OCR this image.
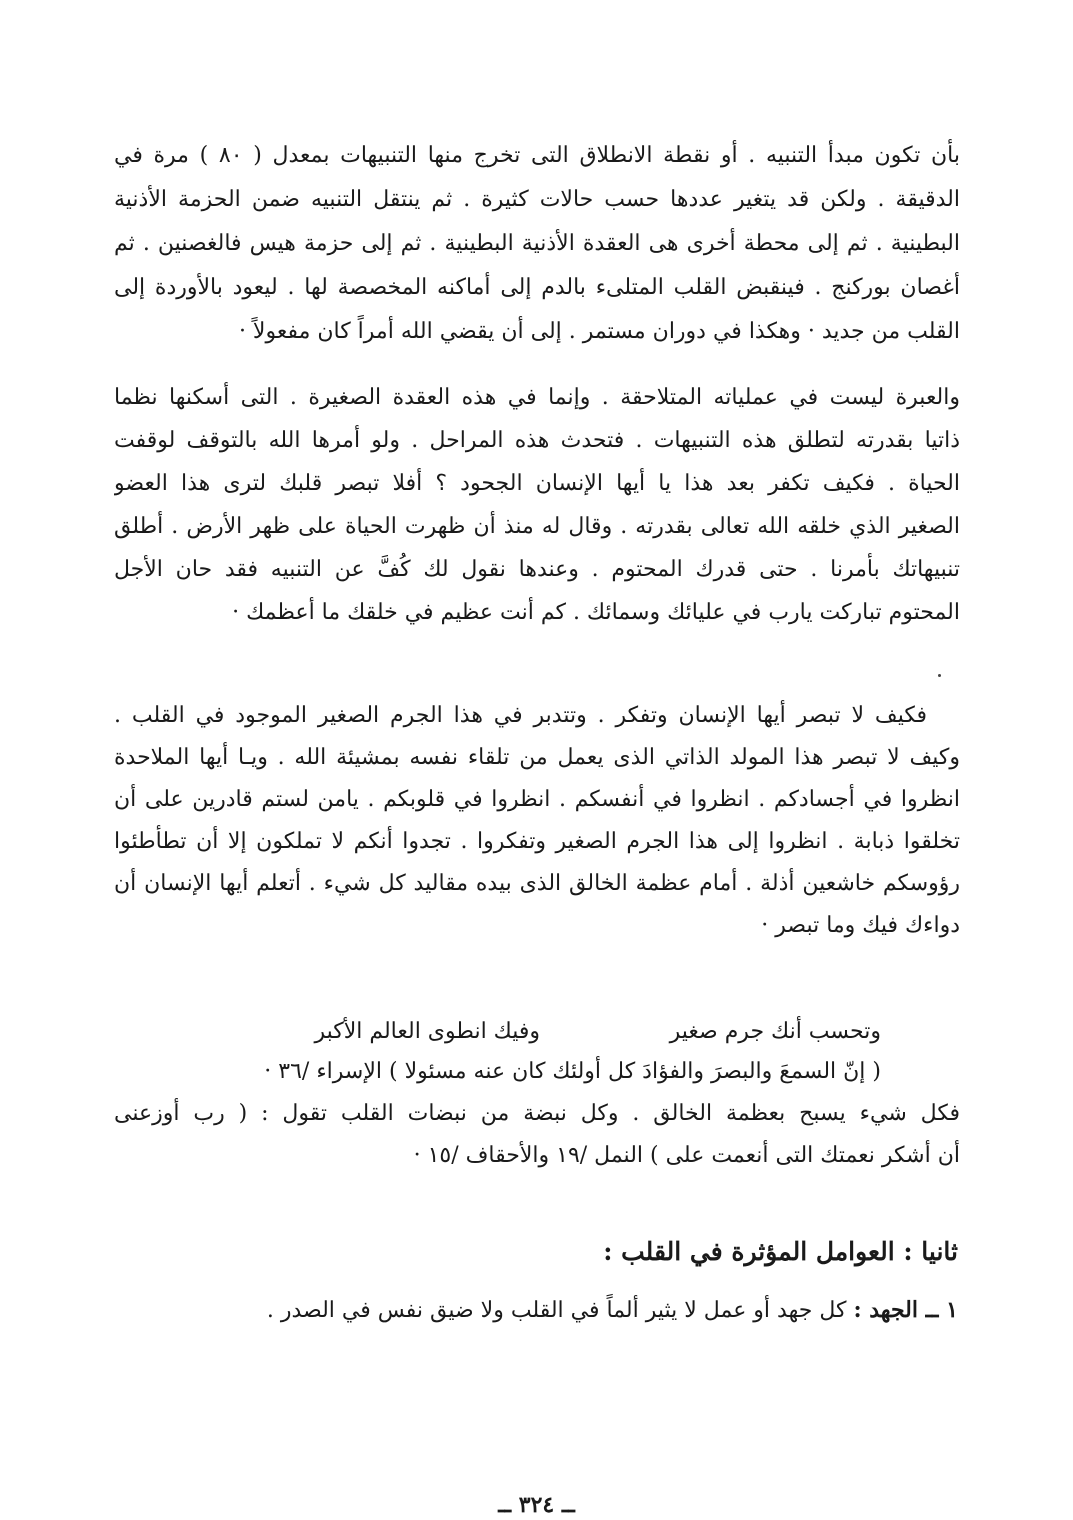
بأن تكون مبدأ التنبيه . أو نقطة الانطلاق التى تخرج منها التنبيهات بمعدل ( ٨٠ ) مرة في
الدقيقة . ولكن قد يتغير عددها حسب حالات كثيرة . ثم ينتقل التنبيه ضمن الحزمة الأذنية
البطينية . ثم إلى محطة أخرى هى العقدة الأذنية البطينية . ثم إلى حزمة هيس فالغصنين . ثم
أغصان بوركنج . فينقبض القلب المتلىء بالدم إلى أماكنه المخصصة لها . ليعود بالأوردة إلى
القلب من جديد · وهكذا في دوران مستمر . إلى أن يقضي الله أمراً كان مفعولاً ·
والعبرة ليست في عملياته المتلاحقة . وإنما في هذه العقدة الصغيرة . التى أسكنها نظما
ذاتيا بقدرته لتطلق هذه التنبيهات . فتحدث هذه المراحل . ولو أمرها الله بالتوقف لوقفت
الحياة . فكيف تكفر بعد هذا يا أيها الإنسان الجحود ؟ أفلا تبصر قلبك لترى هذا العضو
الصغير الذي خلقه الله تعالى بقدرته . وقال له منذ أن ظهرت الحياة على ظهر الأرض . أطلق
تنبيهاتك بأمرنا . حتى قدرك المحتوم . وعندها نقول لك كُفَّ عن التنبيه فقد حان الأجل
المحتوم تباركت يارب في عليائك وسمائك . كم أنت عظيم في خلقك ما أعظمك ·
فكيف لا تبصر أيها الإنسان وتفكر . وتتدبر في هذا الجرم الصغير الموجود في القلب .
وكيف لا تبصر هذا المولد الذاتي الذى يعمل من تلقاء نفسه بمشيئة الله . ويـا أيها الملاحدة
انظروا في أجسادكم . انظروا في أنفسكم . انظروا في قلوبكم . يامن لستم قادرين على أن
تخلقوا ذبابة . انظروا إلى هذا الجرم الصغير وتفكروا . تجدوا أنكم لا تملكون إلا أن تطأطئوا
رؤوسكم خاشعين أذلة . أمام عظمة الخالق الذى بيده مقاليد كل شيء . أتعلم أيها الإنسان أن
دواءك فيك وما تبصر ·
وتحسب أنك جرم صغير
وفيك انطوى العالم الأكبر
( إنّ السمعَ والبصرَ والفؤادَ كل أولئك كان عنه مسئولا ) الإسراء /٣٦ ·
فكل شيء يسبح بعظمة الخالق . وكل نبضة من نبضات القلب تقول : ( رب أوزعنى
أن أشكر نعمتك التى أنعمت على ) النمل /١٩ والأحقاف /١٥ ·
ثانيا : العوامل المؤثرة في القلب :
١ ــ الجهد : كل جهد أو عمل لا يثير ألماً في القلب ولا ضيق نفس في الصدر .
ــ ٣٢٤ ــ
